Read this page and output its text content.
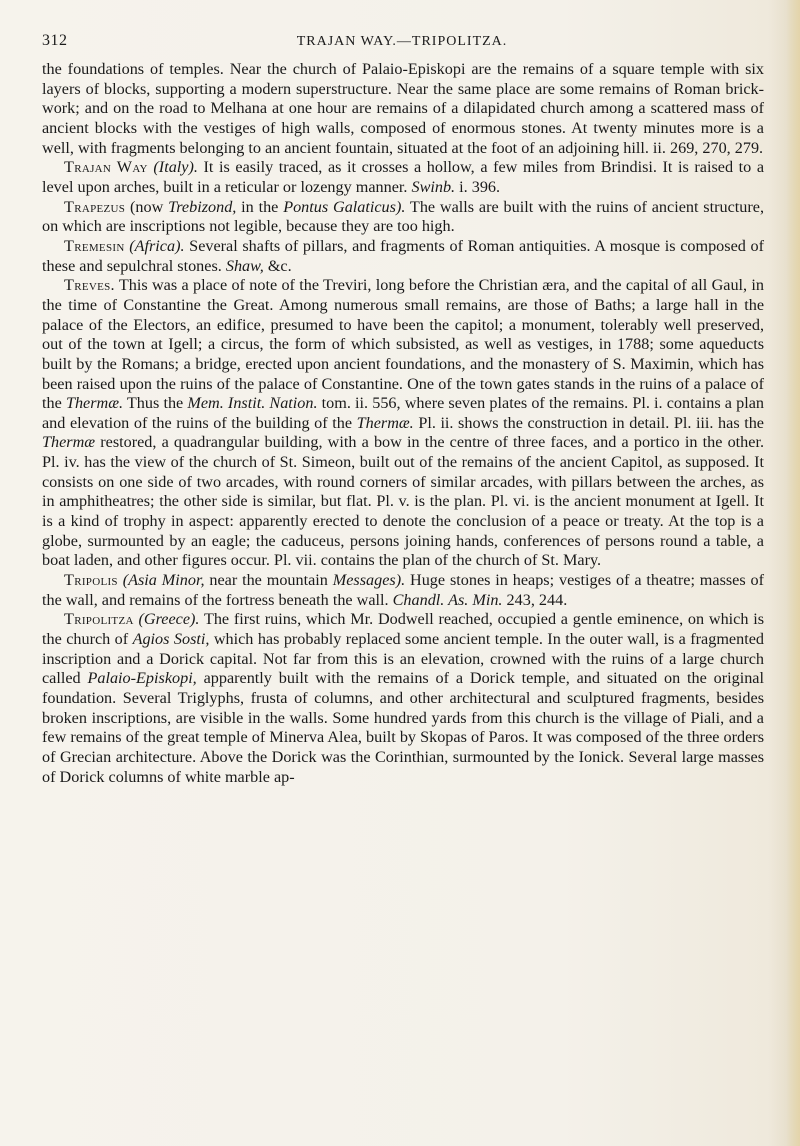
312	TRAJAN WAY.—TRIPOLITZA.

the foundations of temples. Near the church of Palaio-Episkopi are the remains of a square temple with six layers of blocks, supporting a modern superstructure. Near the same place are some remains of Roman brick-work; and on the road to Melhana at one hour are remains of a dilapidated church among a scattered mass of ancient blocks with the vestiges of high walls, composed of enormous stones. At twenty minutes more is a well, with fragments belonging to an ancient fountain, situated at the foot of an adjoining hill. ii. 269, 270, 279.

Trajan Way (Italy). It is easily traced, as it crosses a hollow, a few miles from Brindisi. It is raised to a level upon arches, built in a reticular or lozengy manner. Swinb. i. 396.

Trapezus (now Trebizond, in the Pontus Galaticus). The walls are built with the ruins of ancient structure, on which are inscriptions not legible, because they are too high.

Tremesin (Africa). Several shafts of pillars, and fragments of Roman antiquities. A mosque is composed of these and sepulchral stones. Shaw, &c.

Treves. This was a place of note of the Treviri, long before the Christian æra, and the capital of all Gaul, in the time of Constantine the Great. Among numerous small remains, are those of Baths; a large hall in the palace of the Electors, an edifice, presumed to have been the capitol; a monument, tolerably well preserved, out of the town at Igell; a circus, the form of which subsisted, as well as vestiges, in 1788; some aqueducts built by the Romans; a bridge, erected upon ancient foundations, and the monastery of S. Maximin, which has been raised upon the ruins of the palace of Constantine. One of the town gates stands in the ruins of a palace of the Thermæ. Thus the Mem. Instit. Nation. tom. ii. 556, where seven plates of the remains. Pl. i. contains a plan and elevation of the ruins of the building of the Thermæ. Pl. ii. shows the construction in detail. Pl. iii. has the Thermæ restored, a quadrangular building, with a bow in the centre of three faces, and a portico in the other. Pl. iv. has the view of the church of St. Simeon, built out of the remains of the ancient Capitol, as supposed. It consists on one side of two arcades, with round corners of similar arcades, with pillars between the arches, as in amphitheatres; the other side is similar, but flat. Pl. v. is the plan. Pl. vi. is the ancient monument at Igell. It is a kind of trophy in aspect: apparently erected to denote the conclusion of a peace or treaty. At the top is a globe, surmounted by an eagle; the caduceus, persons joining hands, conferences of persons round a table, a boat laden, and other figures occur. Pl. vii. contains the plan of the church of St. Mary.

Tripolis (Asia Minor, near the mountain Messages). Huge stones in heaps; vestiges of a theatre; masses of the wall, and remains of the fortress beneath the wall. Chandl. As. Min. 243, 244.

Tripolitza (Greece). The first ruins, which Mr. Dodwell reached, occupied a gentle eminence, on which is the church of Agios Sosti, which has probably replaced some ancient temple. In the outer wall, is a fragmented inscription and a Dorick capital. Not far from this is an elevation, crowned with the ruins of a large church called Palaio-Episkopi, apparently built with the remains of a Dorick temple, and situated on the original foundation. Several Triglyphs, frusta of columns, and other architectural and sculptured fragments, besides broken inscriptions, are visible in the walls. Some hundred yards from this church is the village of Piali, and a few remains of the great temple of Minerva Alea, built by Skopas of Paros. It was composed of the three orders of Grecian architecture. Above the Dorick was the Corinthian, surmounted by the Ionick. Several large masses of Dorick columns of white marble ap-
